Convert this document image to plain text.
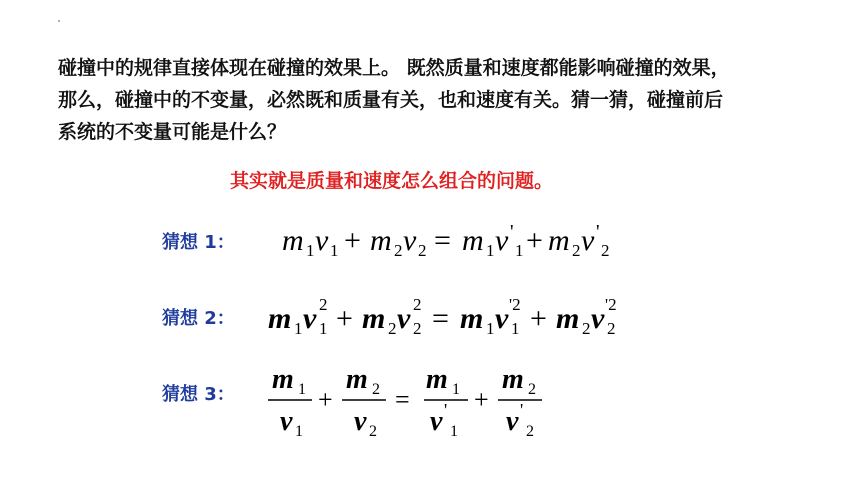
碰撞中的规律直接体现在碰撞的效果上。 既然质量和速度都能影响碰撞的效果，

那么，碰撞中的不变量，必然既和质量有关，也和速度有关。猜一猜，碰撞前后

系统的不变量可能是什么？

其实就是质量和速度怎么组合的问题。
猜想 1： m 1 v 1 + m 2 v 2 = m 1 v '
1 + m 2 v '
2
猜想 2： m 1 v 1
2 + m 2 v 2
2 = m 1 v 1
'2 + m 2 v 2
'2
猜想 3： m 1
v 1
+
m 2
v 2
=
m 1
v '
1
+
m 2
v '
2
